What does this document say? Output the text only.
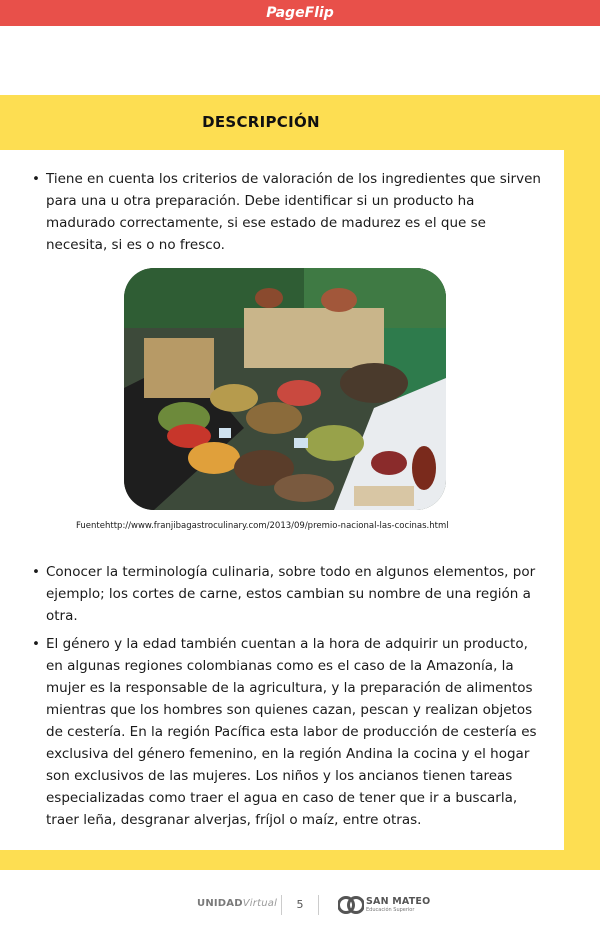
PageFlip
DESCRIPCIÓN
• Tiene en cuenta los criterios de valoración de los ingredientes que sirven para una u otra preparación. Debe identificar si un producto ha madurado correctamente, si ese estado de madurez es el que se necesita, si es o no fresco.
Fuentehttp://www.franjibagastroculinary.com/2013/09/premio-nacional-las-cocinas.html
• Conocer la terminología culinaria, sobre todo en algunos elementos, por ejemplo; los cortes de carne, estos cambian su nombre de una región a otra.
• El género y la edad también cuentan a la hora de adquirir un producto, en algunas regiones colombianas como es el caso de la Amazonía, la mujer es la responsable de la agricultura, y la preparación de alimentos mientras que los hombres son quienes cazan, pescan y realizan objetos de cestería. En la región Pacífica esta labor de producción de cestería es exclusiva del género femenino, en la región Andina la cocina y el hogar son exclusivos de las mujeres. Los niños y los ancianos tienen tareas especializadas como traer el agua en caso de tener que ir a buscarla, traer leña, desgranar alverjas, fríjol o maíz, entre otras.
UNIDADVirtual	5	SAN MATEO
Educación Superior
